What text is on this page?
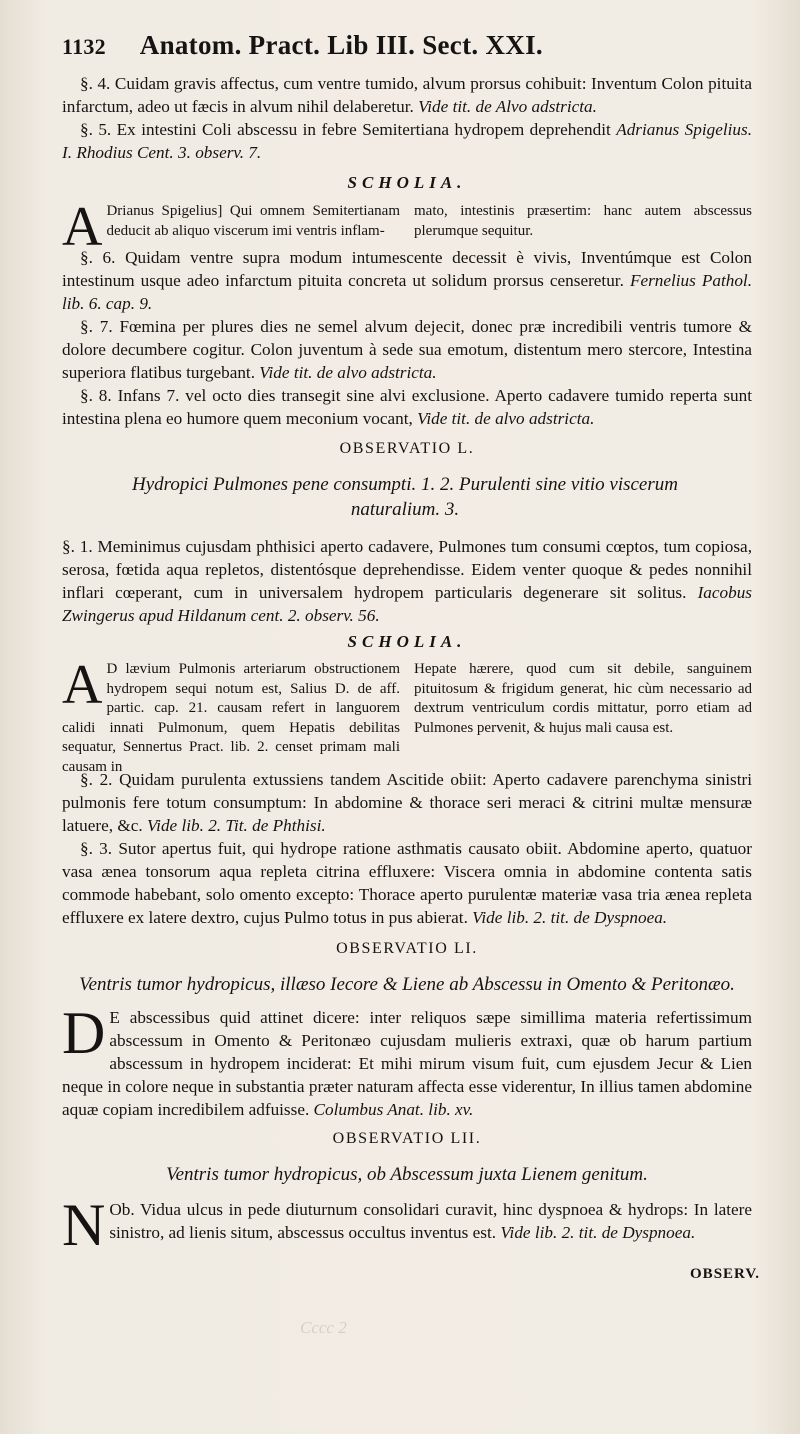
1132 Anatom. Pract. Lib III. Sect. XXI.

§. 4. Cuidam gravis affectus, cum ventre tumido, alvum prorsus cohibuit: Inventum Colon pituita infarctum, adeo ut fæcis in alvum nihil delaberetur. Vide tit. de Alvo adstricta.

§. 5. Ex intestini Coli abscessu in febre Semitertiana hydropem deprehendit Adrianus Spigelius. I. Rhodius Cent. 3. observ. 7.

SCHOLIA.

A Drianus Spigelius] Qui omnem Semitertianam deducit ab aliquo viscerum imi ventris inflam-
mato, intestinis præsertim: hanc autem abscessus plerumque sequitur.

§. 6. Quidam ventre supra modum intumescente decessit è vivis, Inventúmque est Colon intestinum usque adeo infarctum pituita concreta ut solidum prorsus censeretur. Fernelius Pathol. lib. 6. cap. 9.

§. 7. Fœmina per plures dies ne semel alvum dejecit, donec præ incredibili ventris tumore & dolore decumbere cogitur. Colon juventum à sede sua emotum, distentum mero stercore, Intestina superiora flatibus turgebant. Vide tit. de alvo adstricta.

§. 8. Infans 7. vel octo dies transegit sine alvi exclusione. Aperto cadavere tumido reperta sunt intestina plena eo humore quem meconium vocant, Vide tit. de alvo adstricta.

OBSERVATIO L.

Hydropici Pulmones pene consumpti. 1. 2. Purulenti sine vitio viscerum naturalium. 3.

§. 1. Meminimus cujusdam phthisici aperto cadavere, Pulmones tum consumi cœptos, tum copiosa, serosa, fœtida aqua repletos, distentósque deprehendisse. Eidem venter quoque & pedes nonnihil inflari cœperant, cum in universalem hydropem particularis degenerare sit solitus. Iacobus Zwingerus apud Hildanum cent. 2. observ. 56.

SCHOLIA.

A D lævium Pulmonis arteriarum obstructionem hydropem sequi notum est, Salius D. de aff. partic. cap. 21. causam refert in languorem calidi innati Pulmonum, quem Hepatis debilitas sequatur, Sennertus Pract. lib. 2. censet primam mali causam in
Hepate hærere, quod cum sit debile, sanguinem pituitosum & frigidum generat, hic cùm necessario ad dextrum ventriculum cordis mittatur, porro etiam ad Pulmones pervenit, & hujus mali causa est.

§. 2. Quidam purulenta extussiens tandem Ascitide obiit: Aperto cadavere parenchyma sinistri pulmonis fere totum consumptum: In abdomine & thorace seri meraci & citrini multæ mensuræ latuere, &c. Vide lib. 2. Tit. de Phthisi.

§. 3. Sutor apertus fuit, qui hydrope ratione asthmatis causato obiit. Abdomine aperto, quatuor vasa ænea tonsorum aqua repleta citrina effluxere: Viscera omnia in abdomine contenta satis commode habebant, solo omento excepto: Thorace aperto purulentæ materiæ vasa tria ænea repleta effluxere ex latere dextro, cujus Pulmo totus in pus abierat. Vide lib. 2. tit. de Dyspnoea.

OBSERVATIO LI.

Ventris tumor hydropicus, illæso Iecore & Liene ab Abscessu in Omento & Peritonæo.

D E abscessibus quid attinet dicere: inter reliquos sæpe simillima materia refertissimum abscessum in Omento & Peritonæo cujusdam mulieris extraxi, quæ ob harum partium abscessum in hydropem inciderat: Et mihi mirum visum fuit, cum ejusdem Jecur & Lien neque in colore neque in substantia præter naturam affecta esse viderentur, In illius tamen abdomine aquæ copiam incredibilem adfuisse. Columbus Anat. lib. xv.

OBSERVATIO LII.

Ventris tumor hydropicus, ob Abscessum juxta Lienem genitum.

N Ob. Vidua ulcus in pede diuturnum consolidari curavit, hinc dyspnoea & hydrops: In latere sinistro, ad lienis situm, abscessus occultus inventus est. Vide lib. 2. tit. de Dyspnoea.

OBSERV.
Cccc 2
